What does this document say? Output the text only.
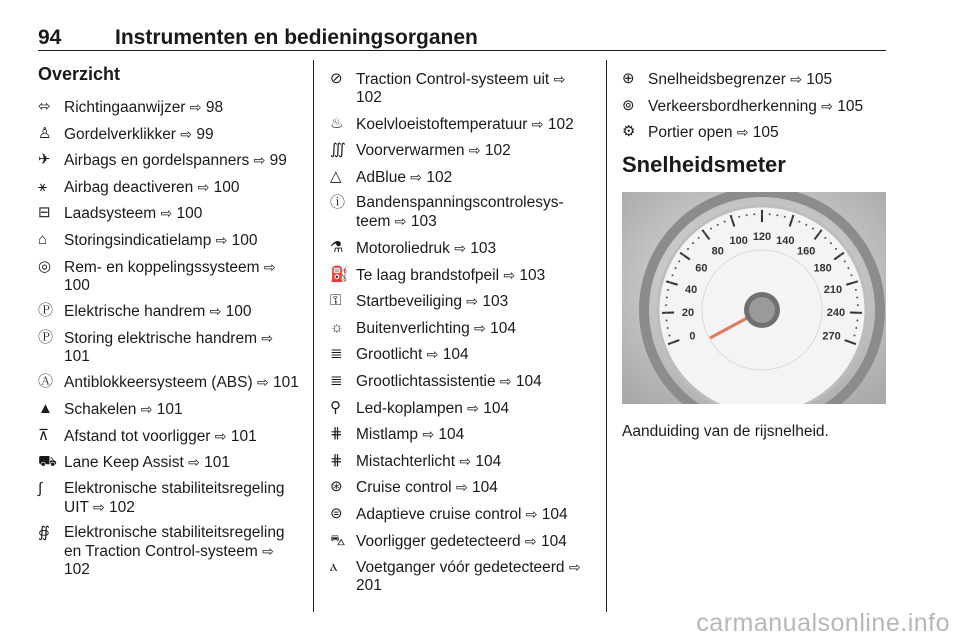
94	Instrumenten en bedieningsorganen
Overzicht
⬄ Richtingaanwijzer ⇨ 98
♙ Gordelverklikker ⇨ 99
✈ Airbags en gordelspanners ⇨ 99
⚹	Airbag deactiveren ⇨ 100
⊟ Laadsysteem ⇨ 100
⌂	Storingsindicatielamp ⇨ 100
◎ Rem- en koppelingssysteem ⇨ 100
Ⓟ Elektrische handrem ⇨ 100
Ⓟ Storing elektrische handrem ⇨ 101
Ⓐ Antiblokkeersysteem (ABS) ⇨ 101
▲ Schakelen ⇨ 101
⊼ Afstand tot voorligger ⇨ 101
⛟ Lane Keep Assist ⇨ 101
∫	Elektronische stabiliteitsregeling UIT ⇨ 102
∯ Elektronische stabiliteitsregeling en Traction Control-systeem ⇨ 102
⊘ Traction Control-systeem uit ⇨ 102
♨ Koelvloeistoftemperatuur ⇨ 102
∭ Voorverwarmen ⇨ 102
△ AdBlue ⇨ 102
ⓘ Bandenspanningscontrolesysteem ⇨ 103
⚗ Motoroliedruk ⇨ 103
⛽ Te laag brandstofpeil ⇨ 103
⚿ Startbeveiliging ⇨ 103
☼ Buitenverlichting ⇨ 104
≣ Grootlicht ⇨ 104
≣ Grootlichtassistentie ⇨ 104
⚲ Led-koplampen ⇨ 104
⋕ Mistlamp ⇨ 104
⋕ Mistachterlicht ⇨ 104
⊛ Cruise control ⇨ 104
⊜ Adaptieve cruise control ⇨ 104
⛍ Voorligger gedetecteerd ⇨ 104
ⲁ	Voetganger vóór gedetecteerd ⇨ 201
⊕ Snelheidsbegrenzer ⇨ 105
⊚ Verkeersbordherkenning ⇨ 105
⚙ Portier open ⇨ 105
Snelheidsmeter
0
20
40
60
80
100 120 140
160
180
210
240
270
Aanduiding van de rijsnelheid.
carmanualsonline.info
